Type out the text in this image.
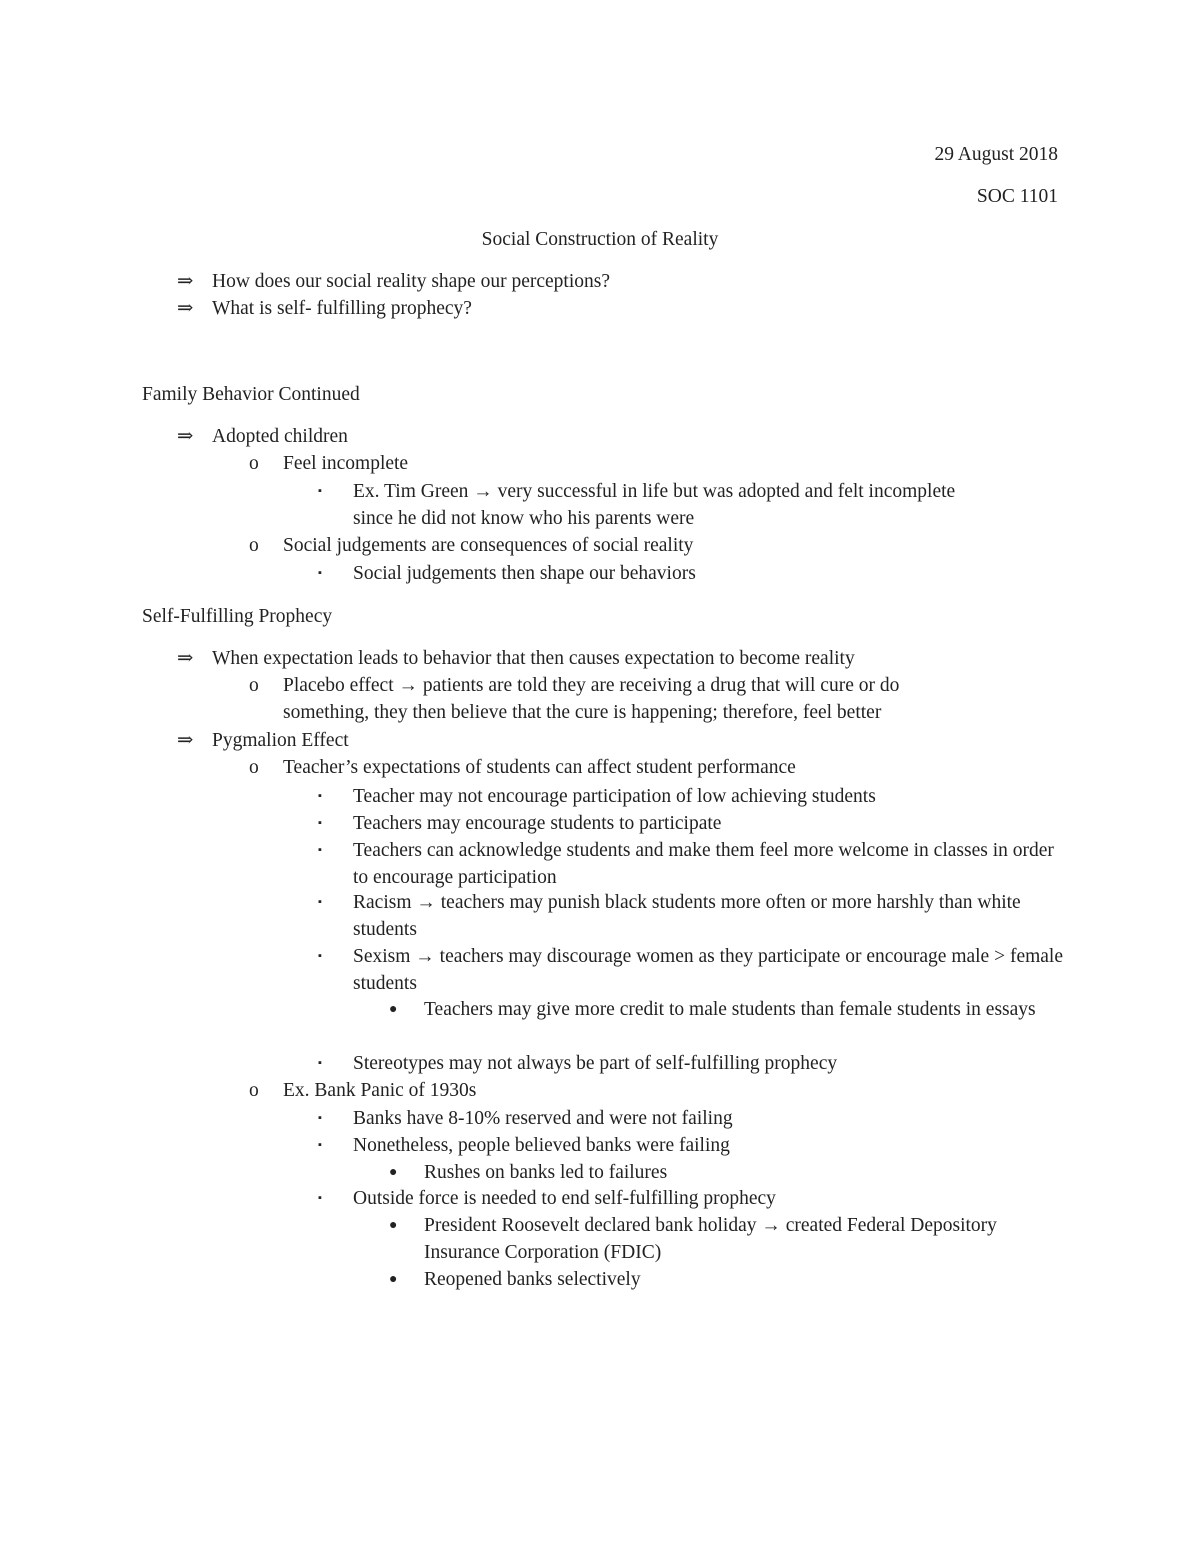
29 August 2018
SOC 1101
Social Construction of Reality
⇒ How does our social reality shape our perceptions?
⇒ What is self- fulfilling prophecy?
Family Behavior Continued
⇒ Adopted children
o Feel incomplete
▪ Ex. Tim Green → very successful in life but was adopted and felt incomplete since he did not know who his parents were
o Social judgements are consequences of social reality
▪ Social judgements then shape our behaviors
Self-Fulfilling Prophecy
⇒ When expectation leads to behavior that then causes expectation to become reality
o Placebo effect → patients are told they are receiving a drug that will cure or do something, they then believe that the cure is happening; therefore, feel better
⇒ Pygmalion Effect
o Teacher’s expectations of students can affect student performance
▪ Teacher may not encourage participation of low achieving students
▪ Teachers may encourage students to participate
▪ Teachers can acknowledge students and make them feel more welcome in classes in order to encourage participation
▪ Racism → teachers may punish black students more often or more harshly than white students
▪ Sexism → teachers may discourage women as they participate or encourage male > female students
● Teachers may give more credit to male students than female students in essays
▪ Stereotypes may not always be part of self-fulfilling prophecy
o Ex. Bank Panic of 1930s
▪ Banks have 8-10% reserved and were not failing
▪ Nonetheless, people believed banks were failing
● Rushes on banks led to failures
▪ Outside force is needed to end self-fulfilling prophecy
● President Roosevelt declared bank holiday → created Federal Depository Insurance Corporation (FDIC)
● Reopened banks selectively
